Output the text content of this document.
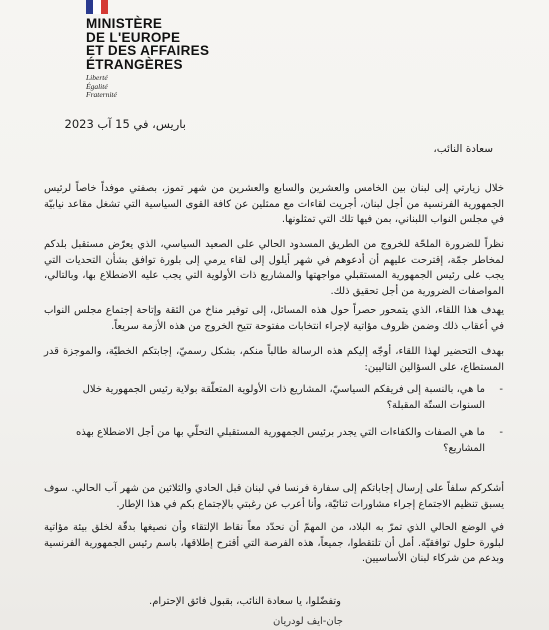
MINISTÈRE
DE L'EUROPE
ET DES AFFAIRES
ÉTRANGÈRES
Liberté
Égalité
Fraternité
باريس، في 15 آب 2023
سعادة النائب،
خلال زيارتي إلى لبنان بين الخامس والعشرين والسابع والعشرين من شهر تموز، بصفتي موفداً خاصاً لرئيس الجمهورية الفرنسية من أجل لبنان، أجريت لقاءات مع ممثلين عن كافة القوى السياسية التي تشغل مقاعد نيابيّة في مجلس النواب اللبناني، بمن فيها تلك التي تمثلونها.
نظراً للضرورة الملحّة للخروج من الطريق المسدود الحالي على الصعيد السياسي، الذي يعرّض مستقبل بلدكم لمخاطر جمّة، إقترحت عليهم أن أدعوهم في شهر أيلول إلى لقاء يرمي إلى بلورة توافق بشأن التحديات التي يجب على رئيس الجمهورية المستقبلي مواجهتها والمشاريع ذات الأولوية التي يجب عليه الاضطلاع بها، وبالتالي، المواصفات الضرورية من أجل تحقيق ذلك.
يهدف هذا اللقاء، الذي يتمحور حصراً حول هذه المسائل، إلى توفير مناخ من الثقة وإتاحة إجتماع مجلس النواب في أعقاب ذلك وضمن ظروف مؤاتية لإجراء انتخابات مفتوحة تتيح الخروج من هذه الأزمة سريعاً.
بهدف التحضير لهذا اللقاء، أوجّه إليكم هذه الرسالة طالباً منكم، بشكل رسميّ، إجابتكم الخطيّة، والموجزة قدر المستطاع، على السؤالين التاليين:
-
ما هي، بالنسبة إلى فريقكم السياسيّ، المشاريع ذات الأولوية المتعلّقة بولاية رئيس الجمهورية خلال السنوات الستّة المقبلة؟
-
ما هي الصفات والكفاءات التي يجدر برئيس الجمهورية المستقبلي التحلّي بها من أجل الاضطلاع بهذه المشاريع؟
أشكركم سلفاً على إرسال إجاباتكم إلى سفارة فرنسا في لبنان قبل الحادي والثلاثين من شهر آب الحالي. سوف يسبق تنظيم الاجتماع إجراء مشاورات ثنائيّة، وأنا أعرب عن رغبتي بالإجتماع بكم في هذا الإطار.
في الوضع الحالي الذي تمرّ به البلاد، من المهمّ أن نحدّد معاً نقاط الإلتقاء وأن نصيغها بدقّة لخلق بيئة مؤاتية لبلورة حلول توافقيّة. أمل أن تلتقطوا، جميعاً، هذه الفرصة التي أقترح إطلاقها، باسم رئيس الجمهورية الفرنسية وبدعم من شركاء لبنان الأساسيين.
وتفضّلوا، يا سعادة النائب، بقبول فائق الإحترام.
جان-ايف لودريان
